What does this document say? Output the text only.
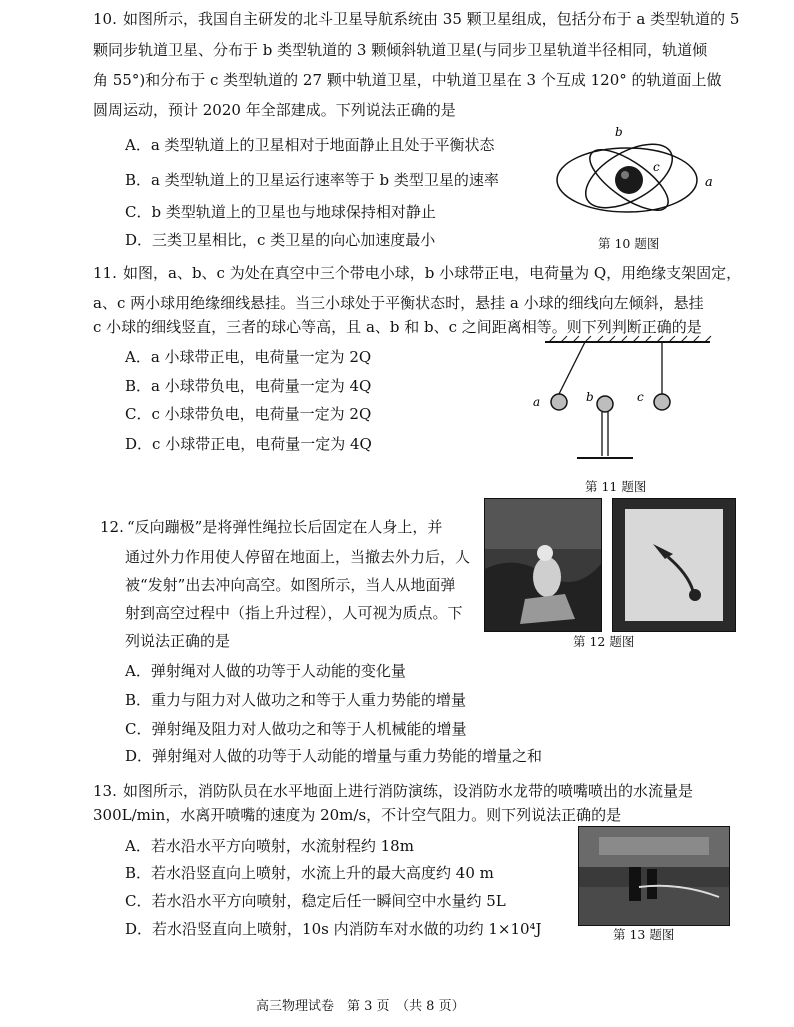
10. 如图所示，我国自主研发的北斗卫星导航系统由 35 颗卫星组成，包括分布于 a 类型轨道的 5
颗同步轨道卫星、分布于 b 类型轨道的 3 颗倾斜轨道卫星(与同步卫星轨道半径相同，轨道倾
角 55°)和分布于 c 类型轨道的 27 颗中轨道卫星，中轨道卫星在 3 个互成 120° 的轨道面上做
圆周运动，预计 2020 年全部建成。下列说法正确的是
A．a 类型轨道上的卫星相对于地面静止且处于平衡状态
B．a 类型轨道上的卫星运行速率等于 b 类型卫星的速率
C．b 类型轨道上的卫星也与地球保持相对静止
D．三类卫星相比，c 类卫星的向心加速度最小
b
c
a
第 10 题图
11. 如图，a、b、c 为处在真空中三个带电小球，b 小球带正电，电荷量为 Q，用绝缘支架固定，
a、c 两小球用绝缘细线悬挂。当三小球处于平衡状态时，悬挂 a 小球的细线向左倾斜，悬挂
c 小球的细线竖直，三者的球心等高，且 a、b 和 b、c 之间距离相等。则下列判断正确的是
A．a 小球带正电，电荷量一定为 2Q
B．a 小球带负电，电荷量一定为 4Q
C．c 小球带负电，电荷量一定为 2Q
D．c 小球带正电，电荷量一定为 4Q
a	b	c
第 11 题图
12. “反向蹦极”是将弹性绳拉长后固定在人身上，并
通过外力作用使人停留在地面上，当撤去外力后，人
被“发射”出去冲向高空。如图所示，当人从地面弹
射到高空过程中（指上升过程），人可视为质点。下
列说法正确的是
A．弹射绳对人做的功等于人动能的变化量
B．重力与阻力对人做功之和等于人重力势能的增量
C．弹射绳及阻力对人做功之和等于人机械能的增量
D．弹射绳对人做的功等于人动能的增量与重力势能的增量之和
第 12 题图
13. 如图所示，消防队员在水平地面上进行消防演练，设消防水龙带的喷嘴喷出的水流量是
300L/min，水离开喷嘴的速度为 20m/s，不计空气阻力。则下列说法正确的是
A．若水沿水平方向喷射，水流射程约 18m
B．若水沿竖直向上喷射，水流上升的最大高度约 40 m
C．若水沿水平方向喷射，稳定后任一瞬间空中水量约 5L
D．若水沿竖直向上喷射，10s 内消防车对水做的功约 1×10⁴J	第 13 题图
高三物理试卷　第 3 页　（共 8 页）
